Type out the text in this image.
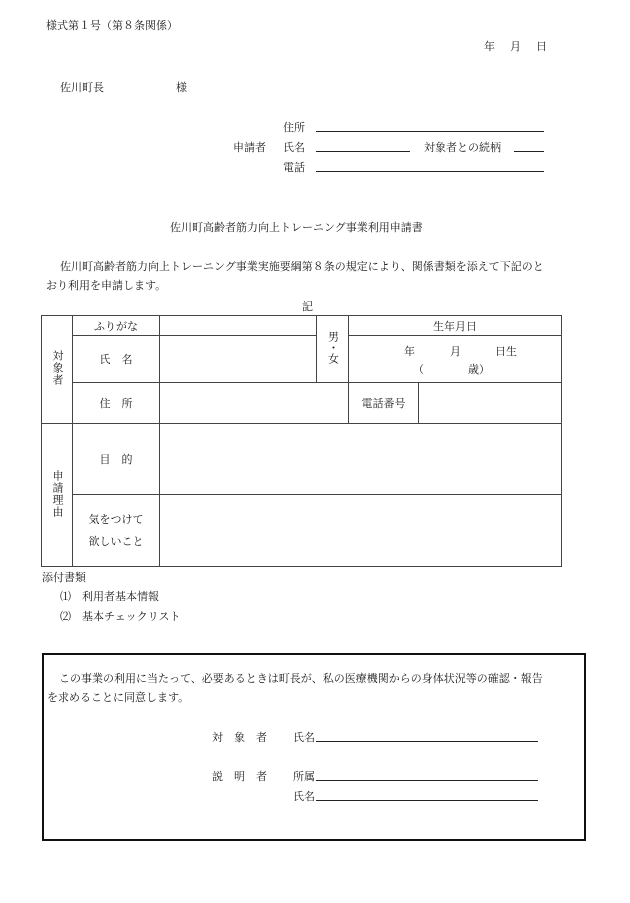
様式第１号（第８条関係）
年　月　日
佐川町長	様
住所
申請者 氏名	対象者との続柄
電話
佐川町高齢者筋力向上トレーニング事業利用申請書
佐川町高齢者筋力向上トレーニング事業実施要綱第８条の規定により、関係書類を添えて下記のと
おり利用を申請します。
記
対象者	ふりがな		男・女	生年月日	
	氏　名			年 月 日生
（　　　　歳）	

	住　所			電話番号	
申請理由	目　的				

	気をつけて
欲しいこと				

添付書類
⑴　利用者基本情報
⑵　基本チェックリスト
この事業の利用に当たって、必要あるときは町長が、私の医療機関からの身体状況等の確認・報告
を求めることに同意します。
対　象　者 氏名
説　明　者 所属
氏名
